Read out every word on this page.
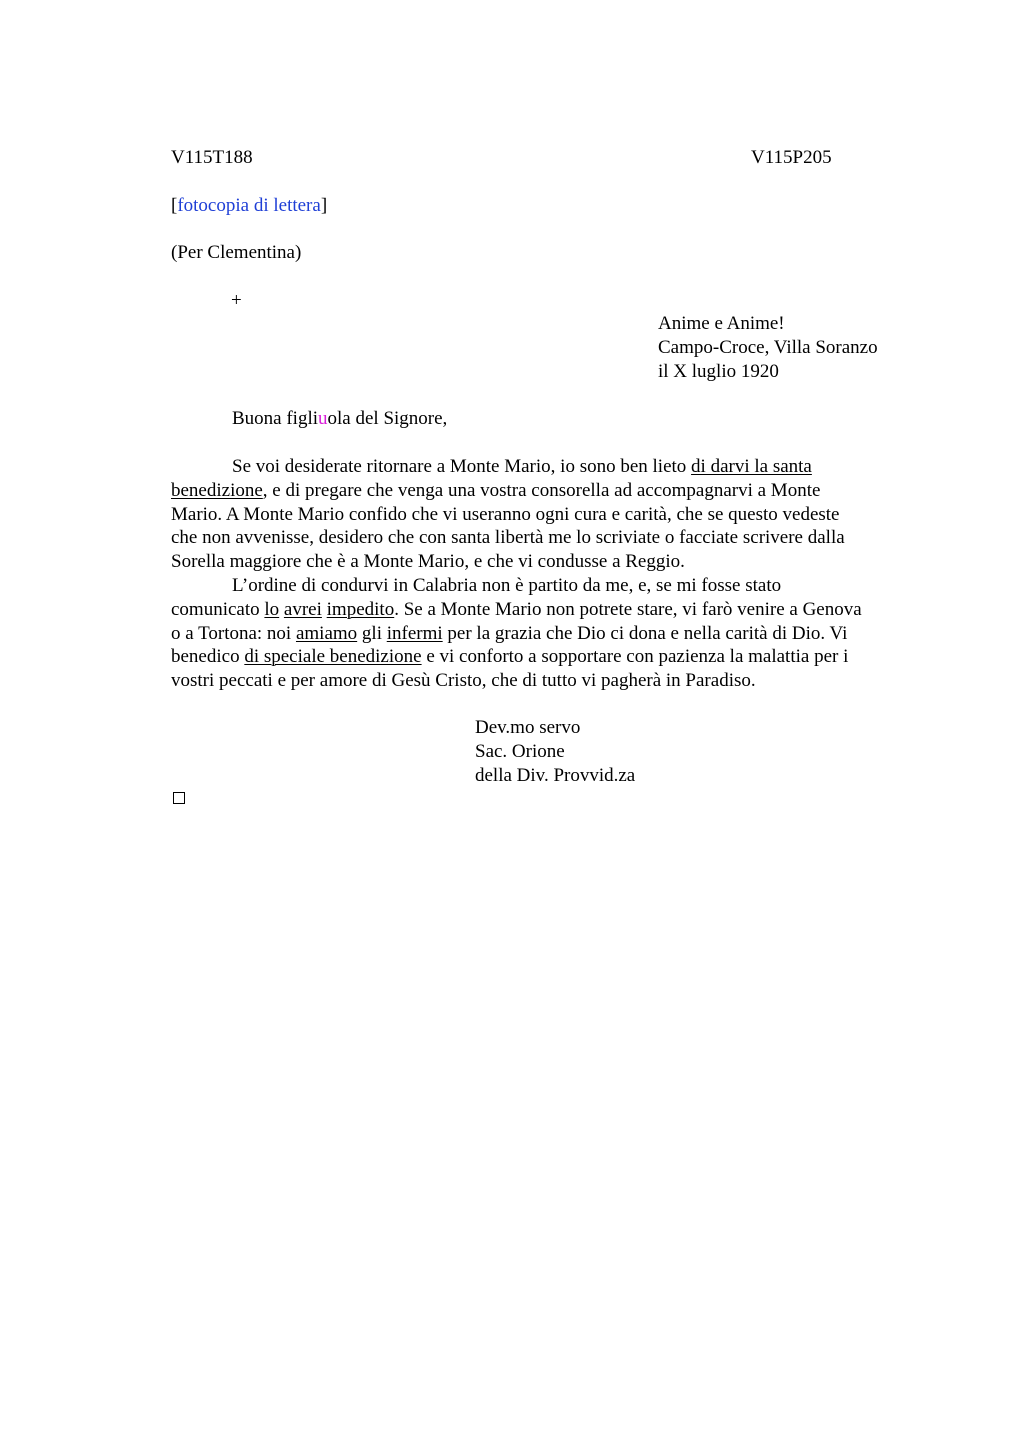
V115T188	V115P205
[fotocopia di lettera]
(Per Clementina)
+
Anime e Anime!
Campo-Croce, Villa Soranzo
il X luglio 1920
Buona figliuola del Signore,

Se voi desiderate ritornare a Monte Mario, io sono ben lieto di darvi la santa

benedizione, e di pregare che venga una vostra consorella ad accompagnarvi a Monte

Mario. A Monte Mario confido che vi useranno ogni cura e carità, che se questo vedeste

che non avvenisse, desidero che con santa libertà me lo scriviate o facciate scrivere dalla

Sorella maggiore che è a Monte Mario, e che vi condusse a Reggio.

L’ordine di condurvi in Calabria non è partito da me, e, se mi fosse stato

comunicato lo avrei impedito. Se a Monte Mario non potrete stare, vi farò venire a Genova

o a Tortona: noi amiamo gli infermi per la grazia che Dio ci dona e nella carità di Dio. Vi

benedico di speciale benedizione e vi conforto a sopportare con pazienza la malattia per i

vostri peccati e per amore di Gesù Cristo, che di tutto vi pagherà in Paradiso.

Dev.mo servo
Sac. Orione
della Div. Provvid.za
